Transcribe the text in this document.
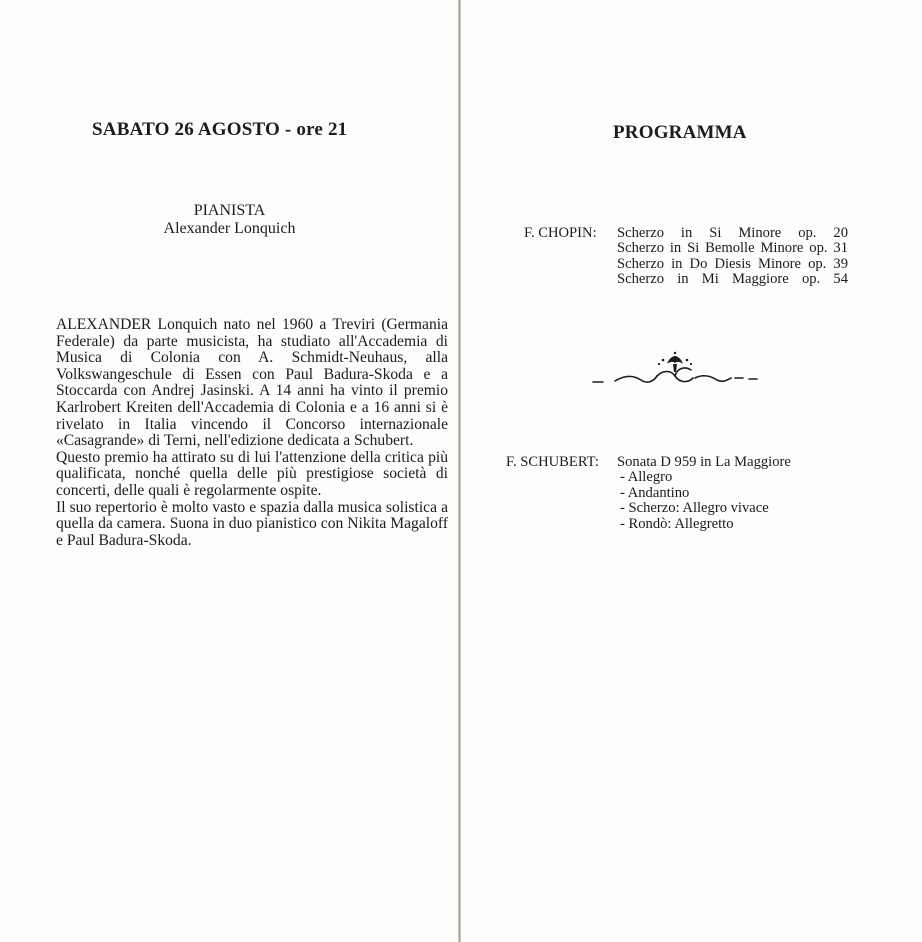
SABATO 26 AGOSTO - ore 21
PIANISTA
Alexander Lonquich

ALEXANDER Lonquich nato nel 1960 a Treviri (Germania Federale) da parte musicista, ha studiato all'Accademia di Musica di Colonia con A. Schmidt-Neuhaus, alla Volkswangeschule di Essen con Paul Badura-Skoda e a Stoccarda con Andrej Jasinski. A 14 anni ha vinto il premio Karlrobert Kreiten dell'Accademia di Colonia e a 16 anni si è rivelato in Italia vincendo il Concorso internazionale «Casagrande» di Terni, nell'edizione dedicata a Schubert.

Questo premio ha attirato su di lui l'attenzione della critica più qualificata, nonché quella delle più prestigiose società di concerti, delle quali è regolarmente ospite.

Il suo repertorio è molto vasto e spazia dalla musica solistica a quella da camera. Suona in duo pianistico con Nikita Magaloff e Paul Badura-Skoda.

PROGRAMMA
F. CHOPIN: Scherzo in Si Minore op. 20
Scherzo in Si Bemolle Minore op. 31
Scherzo in Do Diesis Minore op. 39
Scherzo in Mi Maggiore op. 54
F. SCHUBERT: Sonata D 959 in La Maggiore
- Allegro
- Andantino
- Scherzo: Allegro vivace
- Rondò: Allegretto
